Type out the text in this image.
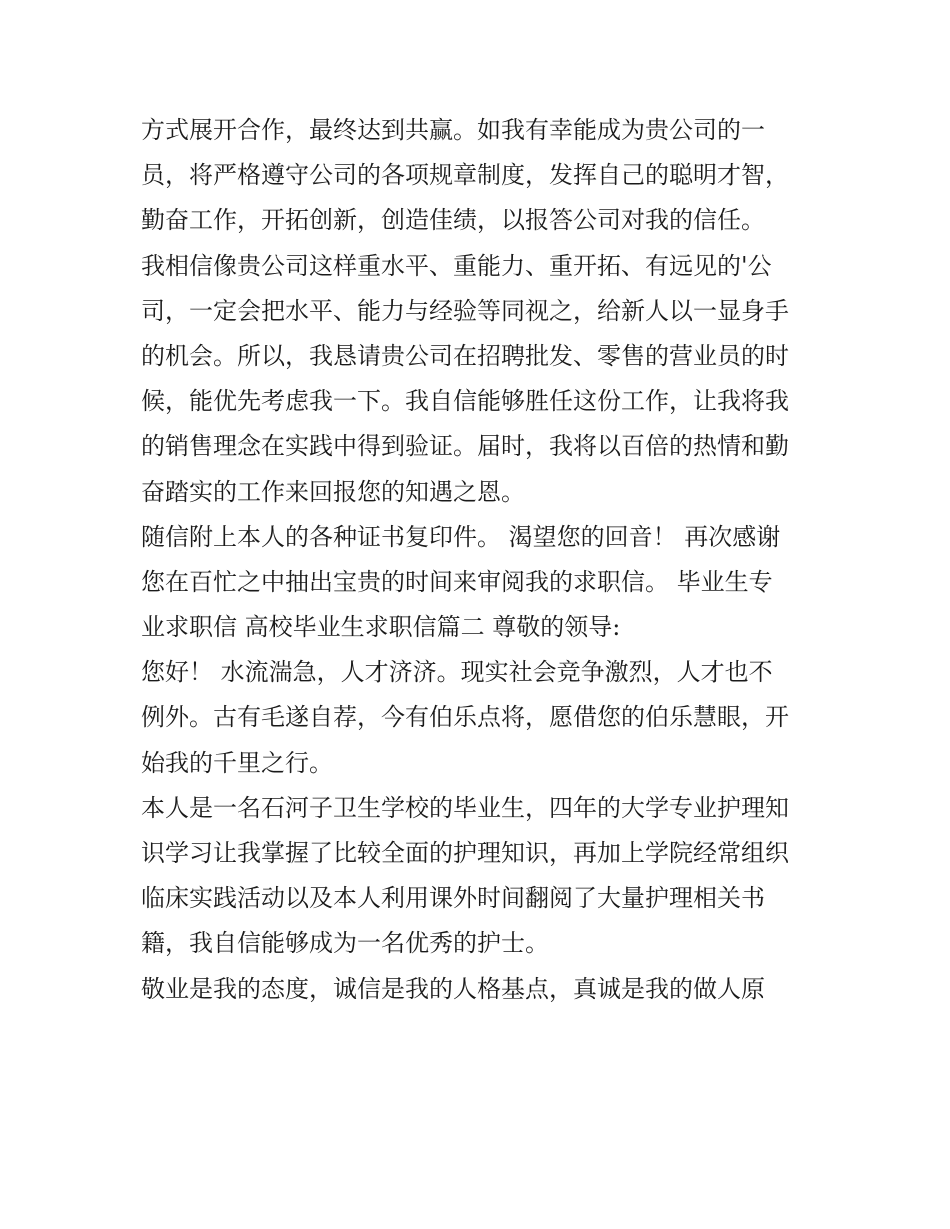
方式展开合作，最终达到共赢。如我有幸能成为贵公司的一
员，将严格遵守公司的各项规章制度，发挥自己的聪明才智，
勤奋工作，开拓创新，创造佳绩，以报答公司对我的信任。
我相信像贵公司这样重水平、重能力、重开拓、有远见的'公
司，一定会把水平、能力与经验等同视之，给新人以一显身手
的机会。所以，我恳请贵公司在招聘批发、零售的营业员的时
候，能优先考虑我一下。我自信能够胜任这份工作，让我将我
的销售理念在实践中得到验证。届时，我将以百倍的热情和勤
奋踏实的工作来回报您的知遇之恩。
随信附上本人的各种证书复印件。 渴望您的回音！ 再次感谢
您在百忙之中抽出宝贵的时间来审阅我的求职信。 毕业生专
业求职信 高校毕业生求职信篇二 尊敬的领导:
您好！ 水流湍急，人才济济。现实社会竞争激烈，人才也不
例外。古有毛遂自荐，今有伯乐点将，愿借您的伯乐慧眼，开
始我的千里之行。
本人是一名石河子卫生学校的毕业生，四年的大学专业护理知
识学习让我掌握了比较全面的护理知识，再加上学院经常组织
临床实践活动以及本人利用课外时间翻阅了大量护理相关书
籍，我自信能够成为一名优秀的护士。
敬业是我的态度，诚信是我的人格基点，真诚是我的做人原
